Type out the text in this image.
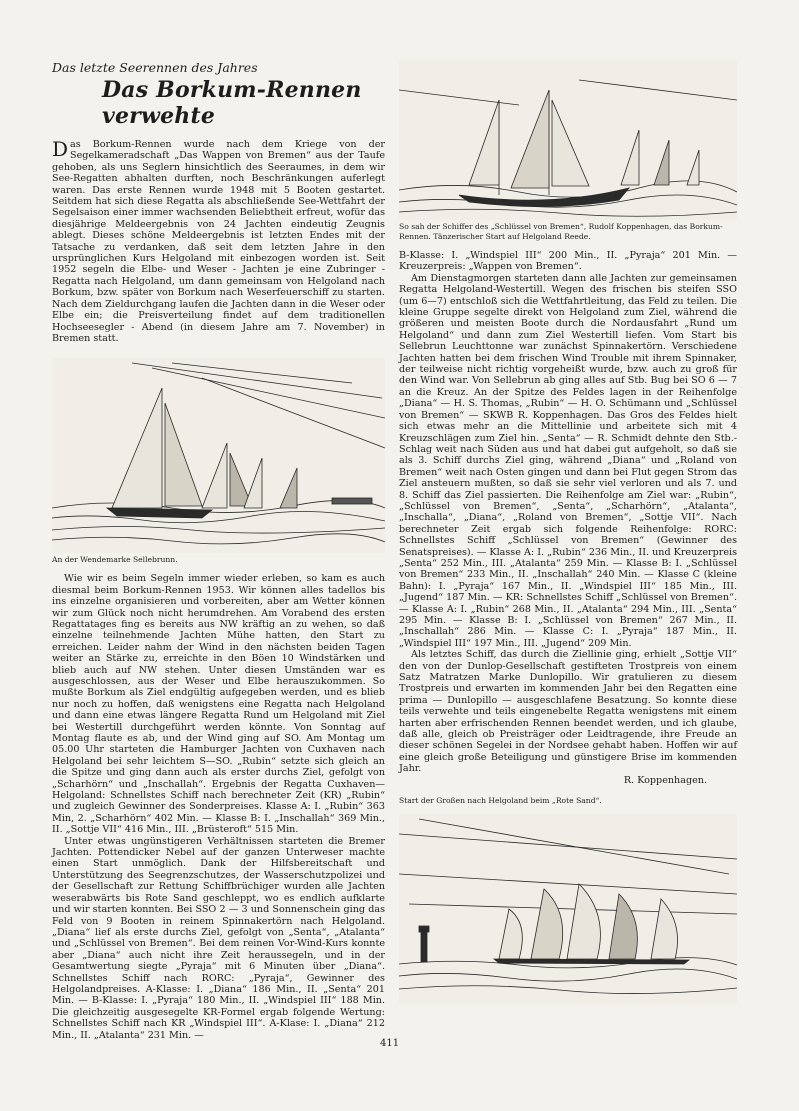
Das letzte Seerennen des Jahres

Das Borkum-Rennen verwehte

Das Borkum-Rennen wurde nach dem Kriege von der Segelkameradschaft „Das Wappen von Bremen“ aus der Taufe gehoben, als uns Seglern hinsichtlich des Seeraumes, in dem wir See-Regatten abhalten durften, noch Beschränkungen auferlegt waren. Das erste Rennen wurde 1948 mit 5 Booten gestartet. Seitdem hat sich diese Regatta als abschließende See-Wettfahrt der Segelsaison einer immer wachsenden Beliebtheit erfreut, wofür das diesjährige Meldeergebnis von 24 Jachten eindeutig Zeugnis ablegt. Dieses schöne Meldeergebnis ist letzten Endes mit der Tatsache zu verdanken, daß seit dem letzten Jahre in den ursprünglichen Kurs Helgoland mit einbezogen worden ist. Seit 1952 segeln die Elbe- und Weser - Jachten je eine Zubringer - Regatta nach Helgoland, um dann gemeinsam von Helgoland nach Borkum, bzw. später von Borkum nach Weserfeuerschiff zu starten. Nach dem Zieldurchgang laufen die Jachten dann in die Weser oder Elbe ein; die Preisverteilung findet auf dem traditionellen Hochseesegler - Abend (in diesem Jahre am 7. November) in Bremen statt.

An der Wendemarke Sellebrunn.

Wie wir es beim Segeln immer wieder erleben, so kam es auch diesmal beim Borkum-Rennen 1953. Wir können alles tadellos bis ins einzelne organisieren und vorbereiten, aber am Wetter können wir zum Glück noch nicht herumdrehen. Am Vorabend des ersten Regattatages fing es bereits aus NW kräftig an zu wehen, so daß einzelne teilnehmende Jachten Mühe hatten, den Start zu erreichen. Leider nahm der Wind in den nächsten beiden Tagen weiter an Stärke zu, erreichte in den Böen 10 Windstärken und blieb auch auf NW stehen. Unter diesen Umständen war es ausgeschlossen, aus der Weser und Elbe herauszukommen. So mußte Borkum als Ziel endgültig aufgegeben werden, und es blieb nur noch zu hoffen, daß wenigstens eine Regatta nach Helgoland und dann eine etwas längere Regatta Rund um Helgoland mit Ziel bei Westertill durchgeführt werden könnte. Von Sonntag auf Montag flaute es ab, und der Wind ging auf SO. Am Montag um 05.00 Uhr starteten die Hamburger Jachten von Cuxhaven nach Helgoland bei sehr leichtem S—SO. „Rubin“ setzte sich gleich an die Spitze und ging dann auch als erster durchs Ziel, gefolgt von „Scharhörn“ und „Inschallah“. Ergebnis der Regatta Cuxhaven—Helgoland: Schnellstes Schiff nach berechneter Zeit (KR) „Rubin“ und zugleich Gewinner des Sonderpreises. Klasse A: I. „Rubin“ 363 Min, 2. „Scharhörn“ 402 Min. — Klasse B: I. „Inschallah“ 369 Min., II. „Sottje VII“ 416 Min., III. „Brüsteroft“ 515 Min.

Unter etwas ungünstigeren Verhältnissen starteten die Bremer Jachten. Pottendicker Nebel auf der ganzen Unterweser machte einen Start unmöglich. Dank der Hilfsbereitschaft und Unterstützung des Seegrenzschutzes, der Wasserschutzpolizei und der Gesellschaft zur Rettung Schiffbrüchiger wurden alle Jachten weserabwärts bis Rote Sand geschleppt, wo es endlich aufklarte und wir starten konnten. Bei SSO 2 — 3 und Sonnenschein ging das Feld von 9 Booten in reinem Spinnakertörn nach Helgoland. „Diana“ lief als erste durchs Ziel, gefolgt von „Senta“, „Atalanta“ und „Schlüssel von Bremen“. Bei dem reinen Vor-Wind-Kurs konnte aber „Diana“ auch nicht ihre Zeit heraussegeln, und in der Gesamtwertung siegte „Pyraja“ mit 6 Minuten über „Diana“. Schnellstes Schiff nach RORC: „Pyraja“, Gewinner des Helgolandpreises. A-Klasse: I. „Diana“ 186 Min., II. „Senta“ 201 Min. — B-Klasse: I. „Pyraja“ 180 Min., II. „Windspiel III“ 188 Min. Die gleichzeitig ausgesegelte KR-Formel ergab folgende Wertung: Schnellstes Schiff nach KR „Windspiel III“. A-Klase: I. „Diana“ 212 Min., II. „Atalanta“ 231 Min. —

So sah der Schiffer des „Schlüssel von Bremen“, Rudolf Koppenhagen, das Borkum-Rennen. Tänzerischer Start auf Helgoland Reede.

B-Klasse: I. „Windspiel III“ 200 Min., II. „Pyraja“ 201 Min. — Kreuzerpreis: „Wappen von Bremen“.

Am Dienstagmorgen starteten dann alle Jachten zur gemeinsamen Regatta Helgoland-Westertill. Wegen des frischen bis steifen SSO (um 6—7) entschloß sich die Wettfahrtleitung, das Feld zu teilen. Die kleine Gruppe segelte direkt von Helgoland zum Ziel, während die größeren und meisten Boote durch die Nordausfahrt „Rund um Helgoland“ und dann zum Ziel Westertill liefen. Vom Start bis Sellebrun Leuchttonne war zunächst Spinnakertörn. Verschiedene Jachten hatten bei dem frischen Wind Trouble mit ihrem Spinnaker, der teilweise nicht richtig vorgeheißt wurde, bzw. auch zu groß für den Wind war. Von Sellebrun ab ging alles auf Stb. Bug bei SO 6 — 7 an die Kreuz. An der Spitze des Feldes lagen in der Reihenfolge „Diana“ — H. S. Thomas, „Rubin“ — H. O. Schümann und „Schlüssel von Bremen“ — SKWB R. Koppenhagen. Das Gros des Feldes hielt sich etwas mehr an die Mittellinie und arbeitete sich mit 4 Kreuzschlägen zum Ziel hin. „Senta“ — R. Schmidt dehnte den Stb.-Schlag weit nach Süden aus und hat dabei gut aufgeholt, so daß sie als 3. Schiff durchs Ziel ging, während „Diana“ und „Roland von Bremen“ weit nach Osten gingen und dann bei Flut gegen Strom das Ziel ansteuern mußten, so daß sie sehr viel verloren und als 7. und 8. Schiff das Ziel passierten. Die Reihenfolge am Ziel war: „Rubin“, „Schlüssel von Bremen“, „Senta“, „Scharhörn“, „Atalanta“, „Inschalla“, „Diana“, „Roland von Bremen“, „Sottje VII“. Nach berechneter Zeit ergab sich folgende Reihenfolge: RORC: Schnellstes Schiff „Schlüssel von Bremen“ (Gewinner des Senatspreises). — Klasse A: I. „Rubin“ 236 Min., II. und Kreuzerpreis „Senta“ 252 Min., III. „Atalanta“ 259 Min. — Klasse B: I. „Schlüssel von Bremen“ 233 Min., II. „Inschallah“ 240 Min. — Klasse C (kleine Bahn): I. „Pyraja“ 167 Min., II. „Windspiel III“ 185 Min., III. „Jugend“ 187 Min. — KR: Schnellstes Schiff „Schlüssel von Bremen“. — Klasse A: I. „Rubin“ 268 Min., II. „Atalanta“ 294 Min., III. „Senta“ 295 Min. — Klasse B: I. „Schlüssel von Bremen“ 267 Min., II. „Inschallah“ 286 Min. — Klasse C: I. „Pyraja“ 187 Min., II. „Windspiel III“ 197 Min., III. „Jugend“ 209 Min.

Als letztes Schiff, das durch die Ziellinie ging, erhielt „Sottje VII“ den von der Dunlop-Gesellschaft gestifteten Trostpreis von einem Satz Matratzen Marke Dunlopillo. Wir gratulieren zu diesem Trostpreis und erwarten im kommenden Jahr bei den Regatten eine prima — Dunlopillo — ausgeschlafene Besatzung. So konnte diese teils verwehte und teils eingenebelte Regatta wenigstens mit einem harten aber erfrischenden Rennen beendet werden, und ich glaube, daß alle, gleich ob Preisträger oder Leidtragende, ihre Freude an dieser schönen Segelei in der Nordsee gehabt haben. Hoffen wir auf eine gleich große Beteiligung und günstigere Brise im kommenden Jahr.

R. Koppenhagen.

Start der Großen nach Helgoland beim „Rote Sand“.

411
